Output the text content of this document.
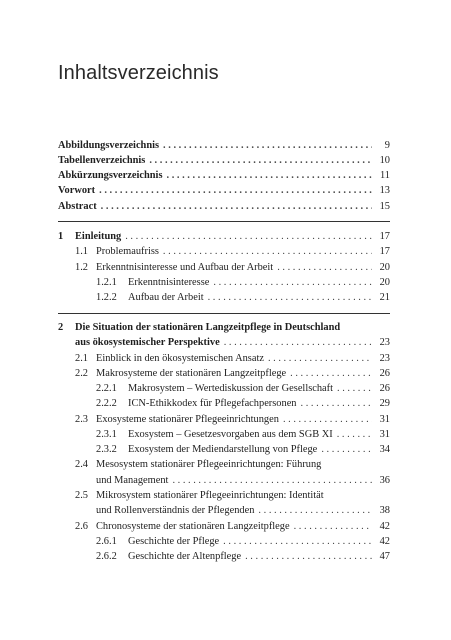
Inhaltsverzeichnis
Abbildungsverzeichnis . . .	9
Tabellenverzeichnis . . .	10
Abkürzungsverzeichnis . . .	11
Vorwort . . .	13
Abstract . . .	15
1	Einleitung . . .	17
1.1 Problemaufriss . . .	17
1.2 Erkenntnisinteresse und Aufbau der Arbeit . . .	20
1.2.1	Erkenntnisinteresse . . .	20
1.2.2	Aufbau der Arbeit . . .	21
2	Die Situation der stationären Langzeitpflege in Deutschland
aus ökosystemischer Perspektive . . .	23
2.1 Einblick in den ökosystemischen Ansatz . . .	23
2.2 Makrosysteme der stationären Langzeitpflege . . .	26
2.2.1	Makrosystem – Wertediskussion der Gesellschaft . . .	26
2.2.2	ICN-Ethikkodex für Pflegefachpersonen . . .	29
2.3 Exosysteme stationärer Pflegeeinrichtungen . . .	31
2.3.1	Exosystem – Gesetzesvorgaben aus dem SGB XI . . .	31
2.3.2	Exosystem der Mediendarstellung von Pflege . . .	34
2.4 Mesosystem stationärer Pflegeeinrichtungen: Führung
und Management . . .	36
2.5 Mikrosystem stationärer Pflegeeinrichtungen: Identität
und Rollenverständnis der Pflegenden . . .	38
2.6 Chronosysteme der stationären Langzeitpflege . . .	42
2.6.1	Geschichte der Pflege . . .	42
2.6.2	Geschichte der Altenpflege . . .	47
